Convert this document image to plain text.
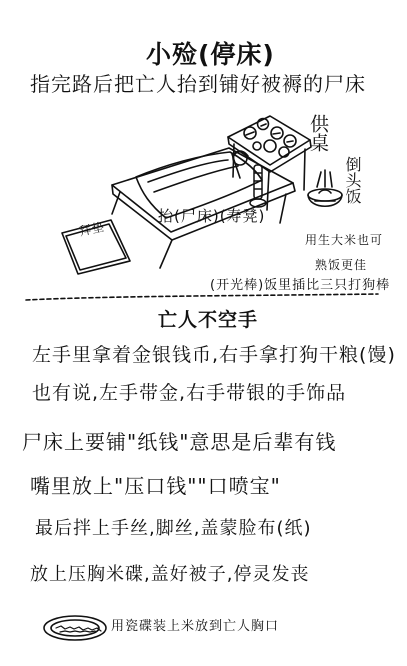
小殓(停床)
指完路后把亡人抬到铺好被褥的尸床
供桌
倒头饭
抬(尸床)(寿凳)
拜垫
用生大米也可
熟饭更佳
(开光棒)饭里插比三只打狗棒
亡人不空手
左手里拿着金银钱币,右手拿打狗干粮(馒)
也有说,左手带金,右手带银的手饰品
尸床上要铺"纸钱"意思是后辈有钱
嘴里放上"压口钱""口喷宝"
最后拌上手丝,脚丝,盖蒙脸布(纸)
放上压胸米碟,盖好被子,停灵发丧
用瓷碟装上米放到亡人胸口
